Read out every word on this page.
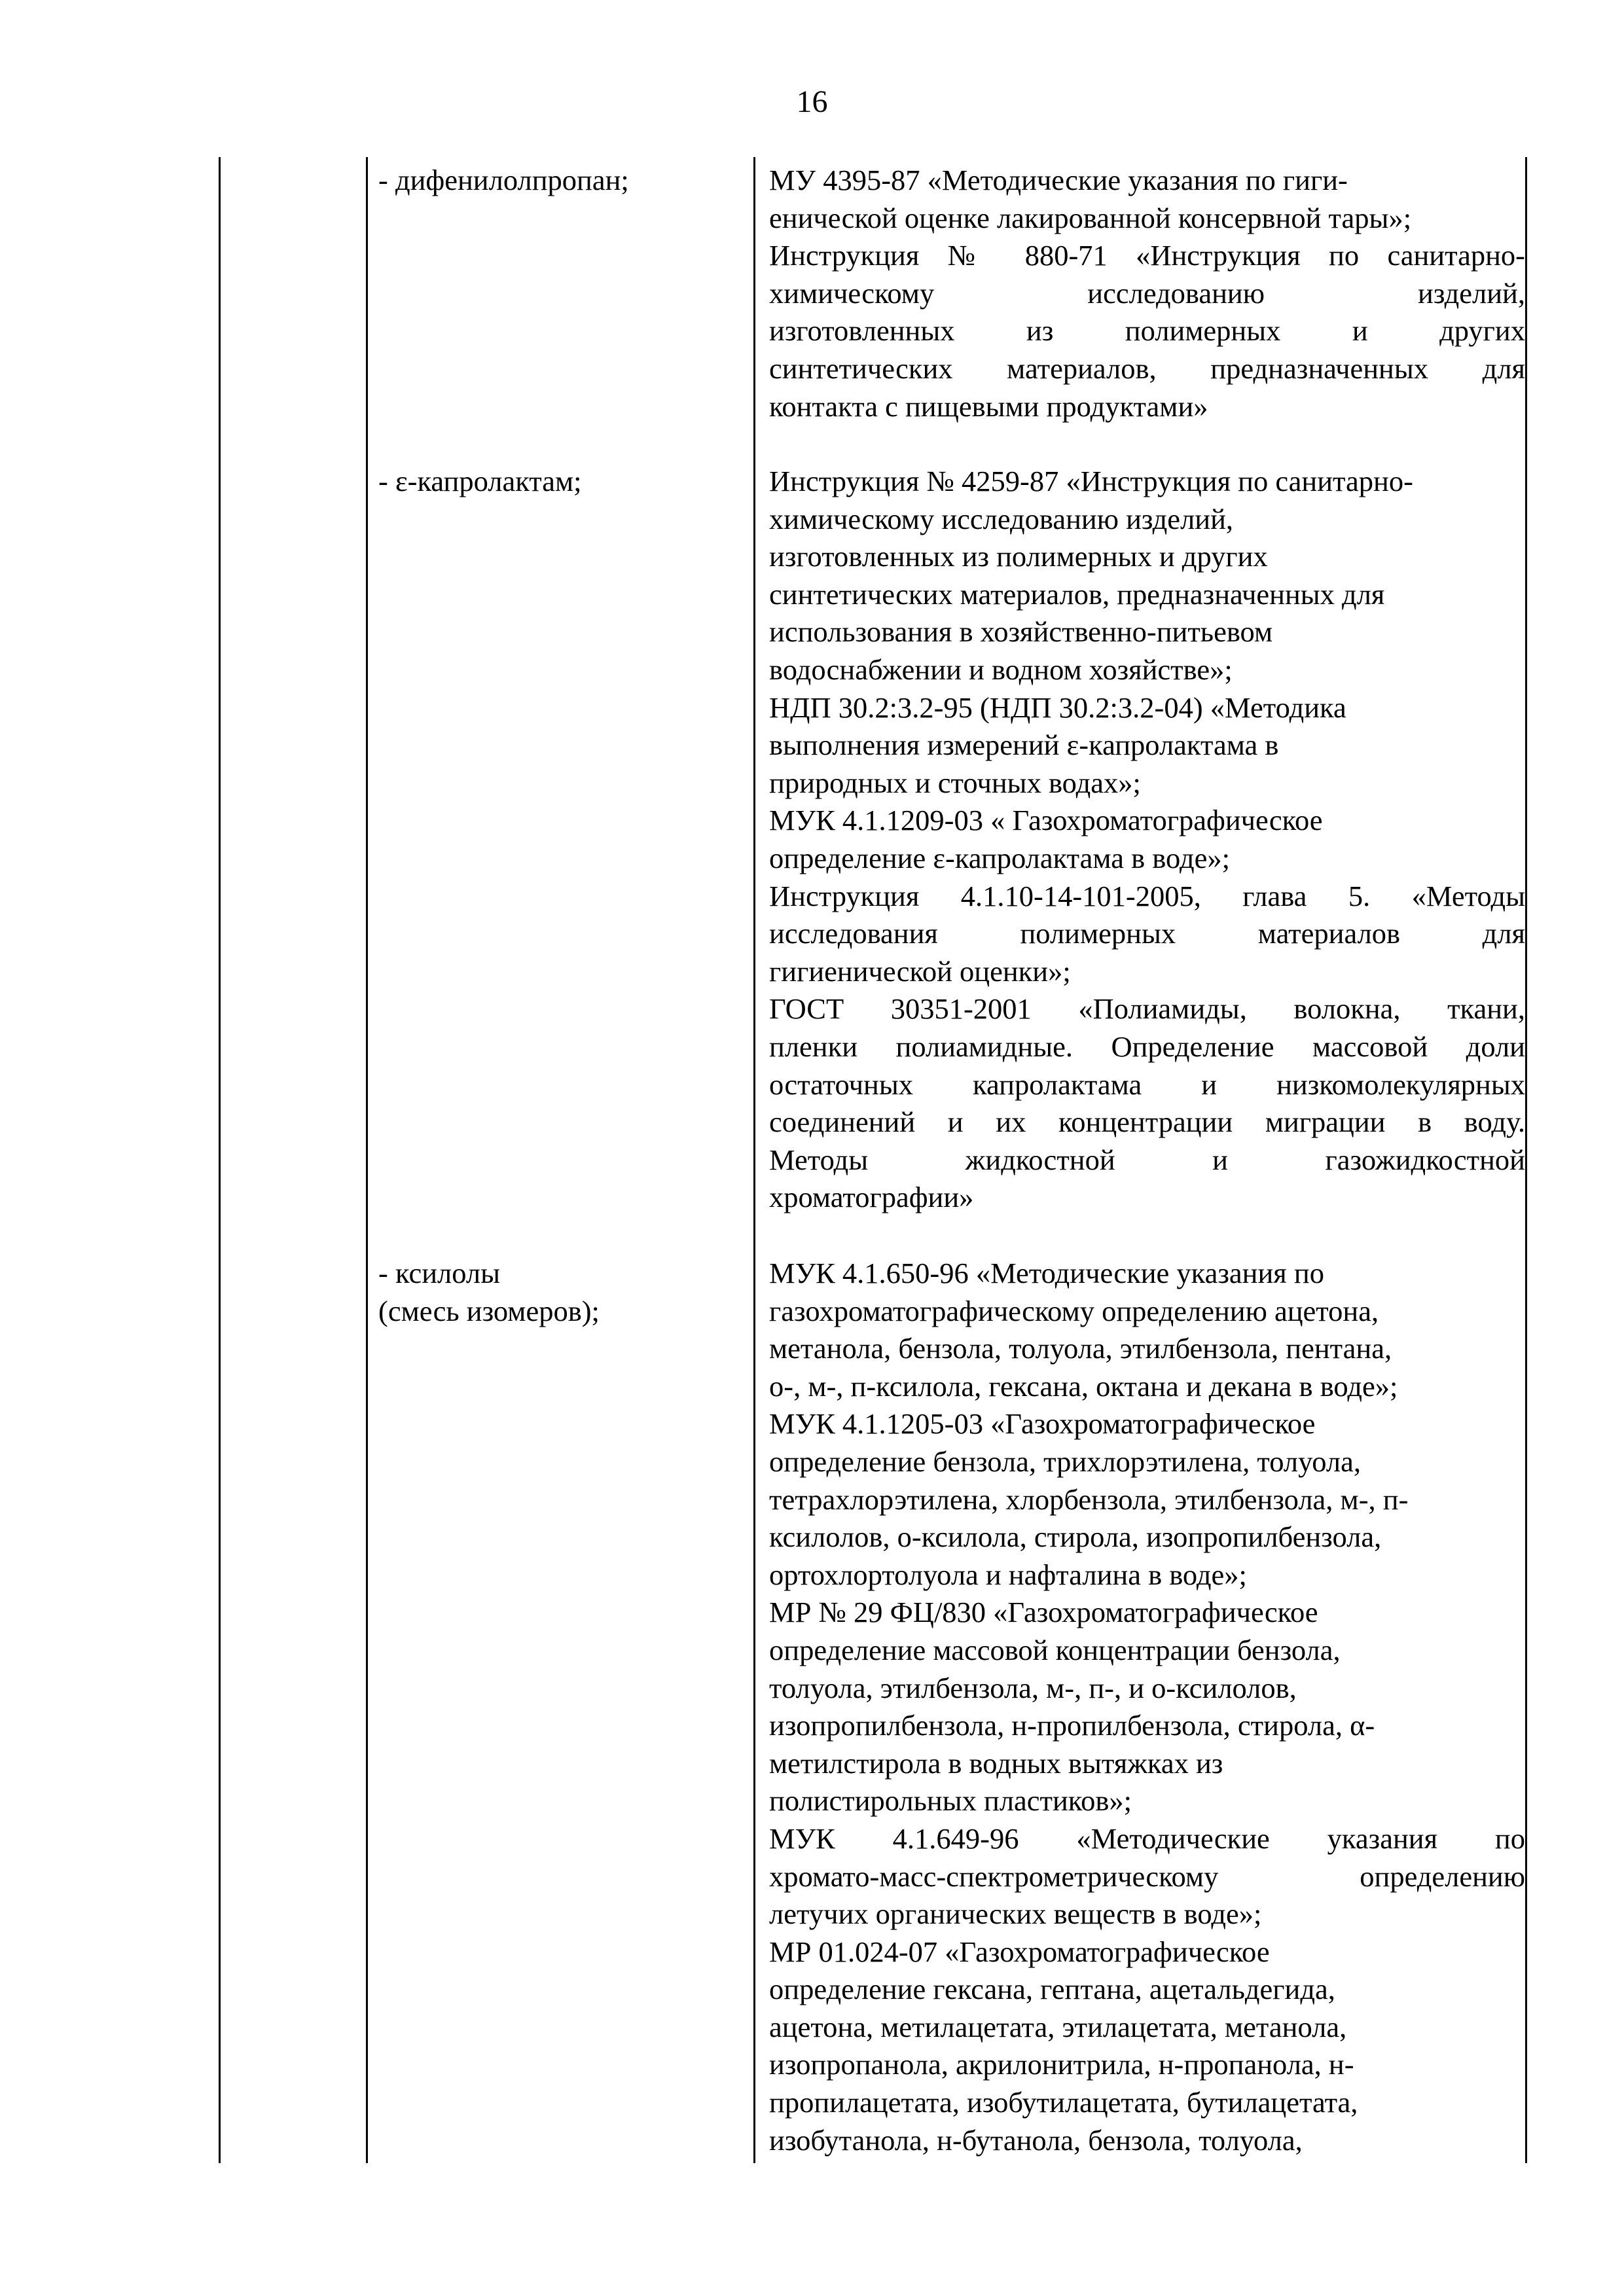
16
- дифенилолпропан;	МУ 4395-87 «Методические указания по гиги-
енической оценке лакированной консервной тары»;
Инструкция № 880-71 «Инструкция по санитарно-
химическому исследованию изделий,
изготовленных из полимерных и других
синтетических материалов, предназначенных для
контакта с пищевыми продуктами»
- ε-капролактам;	Инструкция № 4259-87 «Инструкция по санитарно-
химическому исследованию изделий,
изготовленных из полимерных и других
синтетических материалов, предназначенных для
использования в хозяйственно-питьевом
водоснабжении и водном хозяйстве»;
НДП 30.2:3.2-95 (НДП 30.2:3.2-04) «Методика
выполнения измерений ε-капролактама в
природных и сточных водах»;
МУК 4.1.1209-03 « Газохроматографическое
определение ε-капролактама в воде»;
Инструкция 4.1.10-14-101-2005, глава 5. «Методы
исследования полимерных материалов для
гигиенической оценки»;
ГОСТ 30351-2001 «Полиамиды, волокна, ткани,
пленки полиамидные. Определение массовой доли
остаточных капролактама и низкомолекулярных
соединений и их концентрации миграции в воду.
Методы жидкостной и газожидкостной
хроматографии»
- ксилолы
(смесь изомеров);
МУК 4.1.650-96 «Методические указания по
газохроматографическому определению ацетона,
метанола, бензола, толуола, этилбензола, пентана,
о-, м-, п-ксилола, гексана, октана и декана в воде»;
МУК 4.1.1205-03 «Газохроматографическое
определение бензола, трихлорэтилена, толуола,
тетрахлорэтилена, хлорбензола, этилбензола, м-, п-
ксилолов, о-ксилола, стирола, изопропилбензола,
ортохлортолуола и нафталина в воде»;
МР № 29 ФЦ/830 «Газохроматографическое
определение массовой концентрации бензола,
толуола, этилбензола, м-, п-, и о-ксилолов,
изопропилбензола, н-пропилбензола, стирола, α-
метилстирола в водных вытяжках из
полистирольных пластиков»;
МУК 4.1.649-96 «Методические указания по
хромато-масс-спектрометрическому определению
летучих органических веществ в воде»;
МР 01.024-07 «Газохроматографическое
определение гексана, гептана, ацетальдегида,
ацетона, метилацетата, этилацетата, метанола,
изопропанола, акрилонитрила, н-пропанола, н-
пропилацетата, изобутилацетата, бутилацетата,
изобутанола, н-бутанола, бензола, толуола,
